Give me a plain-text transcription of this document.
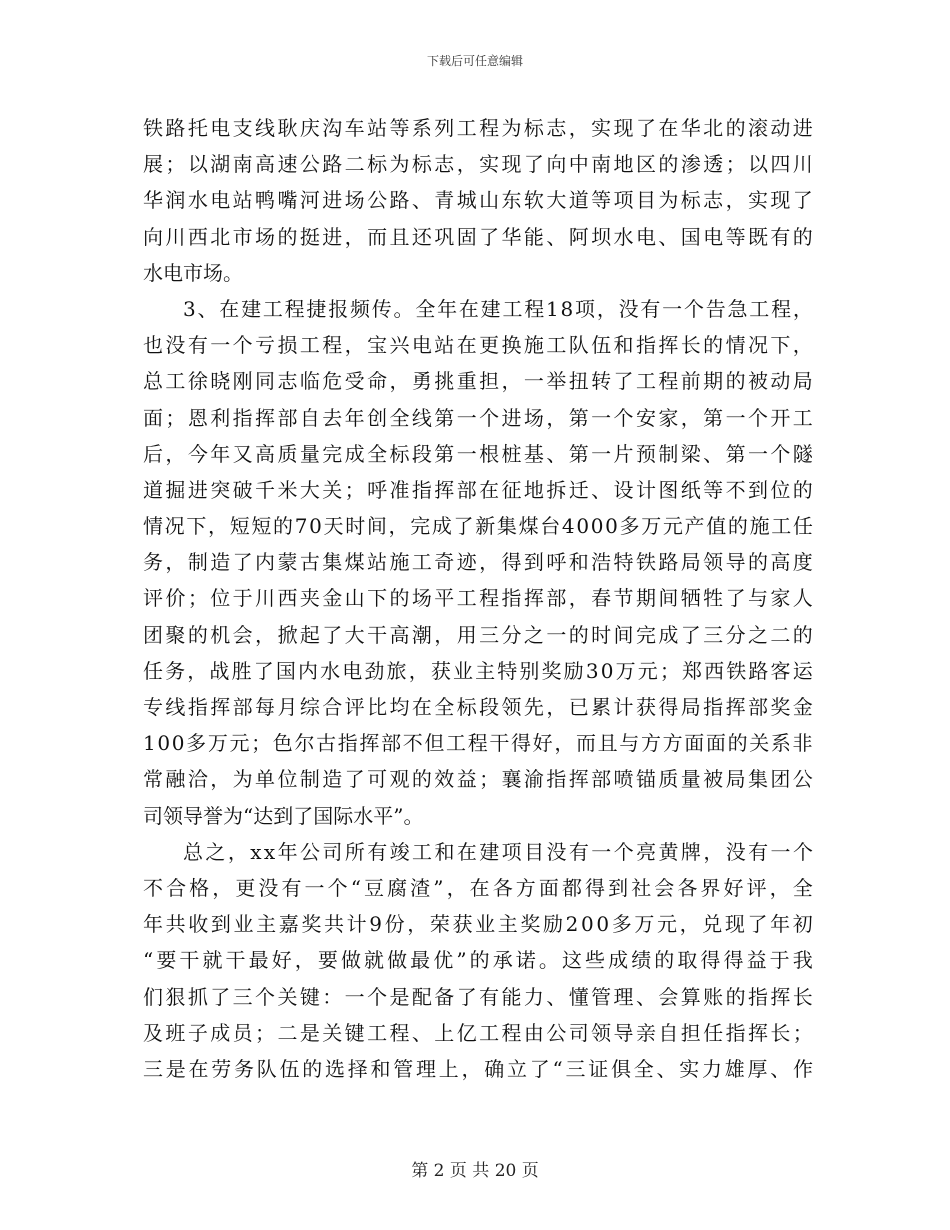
下载后可任意编辑
铁 路 托 电 支 线 耿 庆 沟 车 站 等 系 列 工 程 为 标 志 ， 实 现 了 在 华 北 的 滚 动 进
展 ； 以 湖 南 高 速 公 路 二 标 为 标 志 ， 实 现 了 向 中 南 地 区 的 渗 透 ； 以 四 川
华 润 水 电 站 鸭 嘴 河 进 场 公 路 、 青 城 山 东 软 大 道 等 项 目 为 标 志 ， 实 现 了
向 川 西 北 市 场 的 挺 进 ， 而 且 还 巩 固 了 华 能 、 阿 坝 水 电 、 国 电 等 既 有 的
水电市场。
3 、 在 建 工 程 捷 报 频 传 。 全 年 在 建 工 程 1 8 项 ， 没 有 一 个 告 急 工 程 ，
也 没 有 一 个 亏 损 工 程 ， 宝 兴 电 站 在 更 换 施 工 队 伍 和 指 挥 长 的 情 况 下 ，
总 工 徐 晓 刚 同 志 临 危 受 命 ， 勇 挑 重 担 ， 一 举 扭 转 了 工 程 前 期 的 被 动 局
面 ； 恩 利 指 挥 部 自 去 年 创 全 线 第 一 个 进 场 ， 第 一 个 安 家 ， 第 一 个 开 工
后 ， 今 年 又 高 质 量 完 成 全 标 段 第 一 根 桩 基 、 第 一 片 预 制 梁 、 第 一 个 隧
道 掘 进 突 破 千 米 大 关 ； 呼 准 指 挥 部 在 征 地 拆 迁 、 设 计 图 纸 等 不 到 位 的
情 况 下 ， 短 短 的 7 0 天 时 间 ， 完 成 了 新 集 煤 台 4 0 0 0 多 万 元 产 值 的 施 工 任
务 ， 制 造 了 内 蒙 古 集 煤 站 施 工 奇 迹 ， 得 到 呼 和 浩 特 铁 路 局 领 导 的 高 度
评 价 ； 位 于 川 西 夹 金 山 下 的 场 平 工 程 指 挥 部 ， 春 节 期 间 牺 牲 了 与 家 人
团 聚 的 机 会 ， 掀 起 了 大 干 高 潮 ， 用 三 分 之 一 的 时 间 完 成 了 三 分 之 二 的
任 务 ， 战 胜 了 国 内 水 电 劲 旅 ， 获 业 主 特 别 奖 励 3 0 万 元 ； 郑 西 铁 路 客 运
专 线 指 挥 部 每 月 综 合 评 比 均 在 全 标 段 领 先 ， 已 累 计 获 得 局 指 挥 部 奖 金
1 0 0 多 万 元 ； 色 尔 古 指 挥 部 不 但 工 程 干 得 好 ， 而 且 与 方 方 面 面 的 关 系 非
常 融 洽 ， 为 单 位 制 造 了 可 观 的 效 益 ； 襄 渝 指 挥 部 喷 锚 质 量 被 局 集 团 公
司领导誉为“达到了国际水平”。
总 之 ， x x 年 公 司 所 有 竣 工 和 在 建 项 目 没 有 一 个 亮 黄 牌 ， 没 有 一 个
不 合 格 ， 更 没 有 一 个 “ 豆 腐 渣 ” ， 在 各 方 面 都 得 到 社 会 各 界 好 评 ， 全
年 共 收 到 业 主 嘉 奖 共 计 9 份 ， 荣 获 业 主 奖 励 2 0 0 多 万 元 ， 兑 现 了 年 初
“ 要 干 就 干 最 好 ， 要 做 就 做 最 优 ” 的 承 诺 。 这 些 成 绩 的 取 得 得 益 于 我
们 狠 抓 了 三 个 关 键 ： 一 个 是 配 备 了 有 能 力 、 懂 管 理 、 会 算 账 的 指 挥 长
及 班 子 成 员 ； 二 是 关 键 工 程 、 上 亿 工 程 由 公 司 领 导 亲 自 担 任 指 挥 长 ；
三 是 在 劳 务 队 伍 的 选 择 和 管 理 上 ， 确 立 了 “ 三 证 俱 全 、 实 力 雄 厚 、 作
第 2 页 共 20 页
